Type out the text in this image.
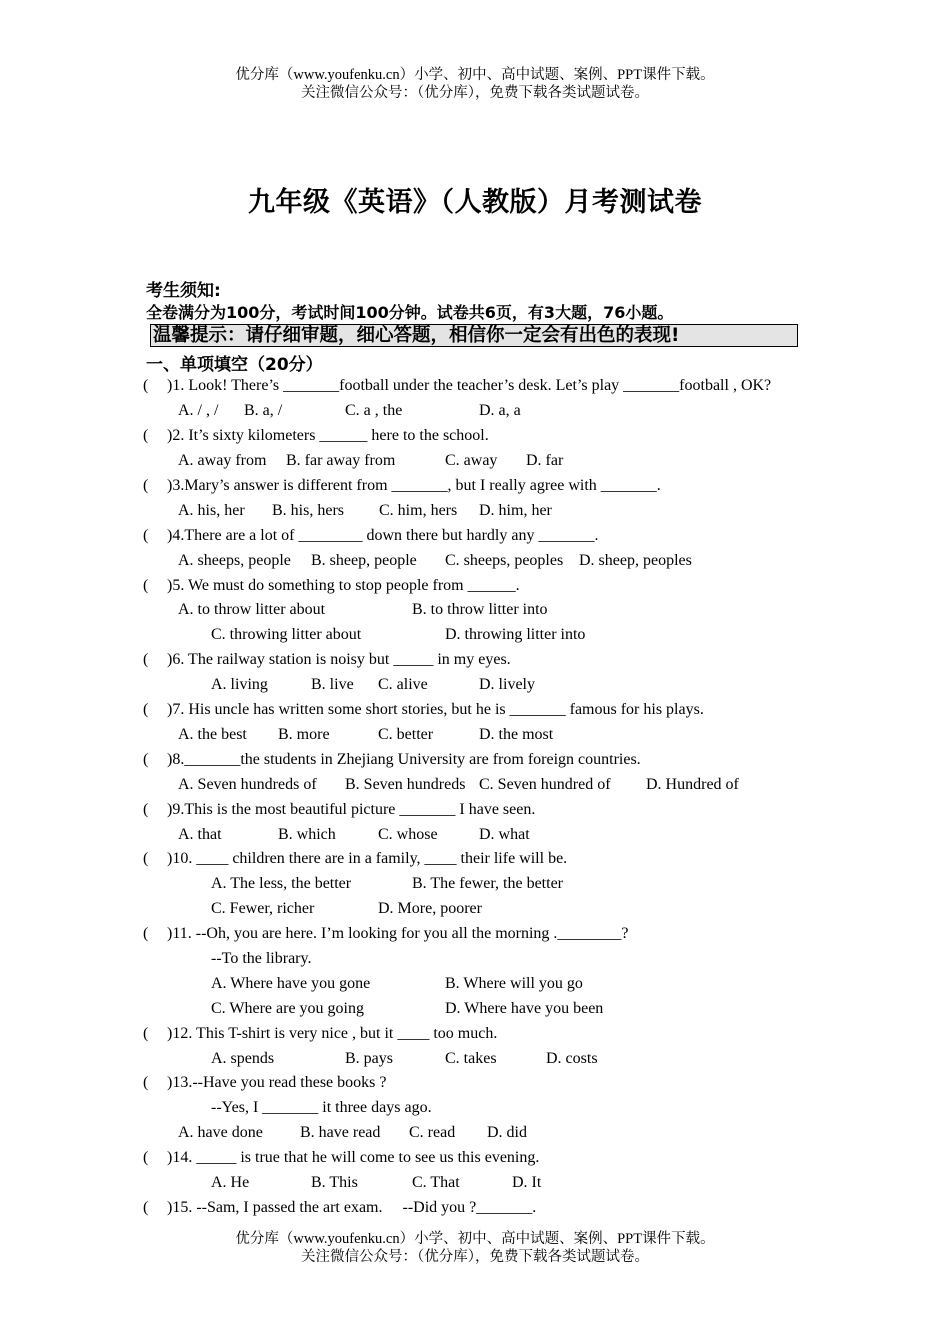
优分库（www.youfenku.cn）小学、初中、高中试题、案例、PPT课件下载。
关注微信公众号：（优分库），免费下载各类试题试卷。
九年级《英语》（人教版）月考测试卷
考生须知:
全卷满分为100分，考试时间100分钟。试卷共6页，有3大题，76小题。
温馨提示：请仔细审题，细心答题，相信你一定会有出色的表现!
一、单项填空（20分）
( )1. Look! There’s _______football under the teacher’s desk. Let’s play _______football , OK?
A. / , / B. a, /	C. a , the	D. a, a
( )2. It’s sixty kilometers ______ here to the school.
A. away from B. far away from	C. away D. far
( )3.Mary’s answer is different from _______, but I really agree with _______.
A. his, her B. his, hers C. him, hers D. him, her
( )4.There are a lot of ________ down there but hardly any _______.
A. sheeps, people B. sheep, people C. sheeps, peoples D. sheep, peoples
( )5. We must do something to stop people from ______.
A. to throw litter about	B. to throw litter into
C. throwing litter about	D. throwing litter into
( )6. The railway station is noisy but _____ in my eyes.
A. living	B. live C. alive	D. lively
( )7. His uncle has written some short stories, but he is _______ famous for his plays.
A. the best B. more	C. better	D. the most
( )8._______the students in Zhejiang University are from foreign countries.
A. Seven hundreds of B. Seven hundreds C. Seven hundred of D. Hundred of
( )9.This is the most beautiful picture _______ I have seen.
A. that	B. which	C. whose	D. what
( )10. ____ children there are in a family, ____ their life will be.
A. The less, the better	B. The fewer, the better
C. Fewer, richer	D. More, poorer
( )11. --Oh, you are here. I’m looking for you all the morning .________?
--To the library.
A. Where have you gone	B. Where will you go
C. Where are you going	D. Where have you been
( )12. This T-shirt is very nice , but it ____ too much.
A. spends	B. pays	C. takes	D. costs
( )13.--Have you read these books ?
--Yes, I _______ it three days ago.
A. have done B. have read C. read D. did
( )14. _____ is true that he will come to see us this evening.
A. He	B. This	C. That	D. It
( )15. --Sam, I passed the art exam.     --Did you ?_______.
优分库（www.youfenku.cn）小学、初中、高中试题、案例、PPT课件下载。
关注微信公众号：（优分库），免费下载各类试题试卷。
